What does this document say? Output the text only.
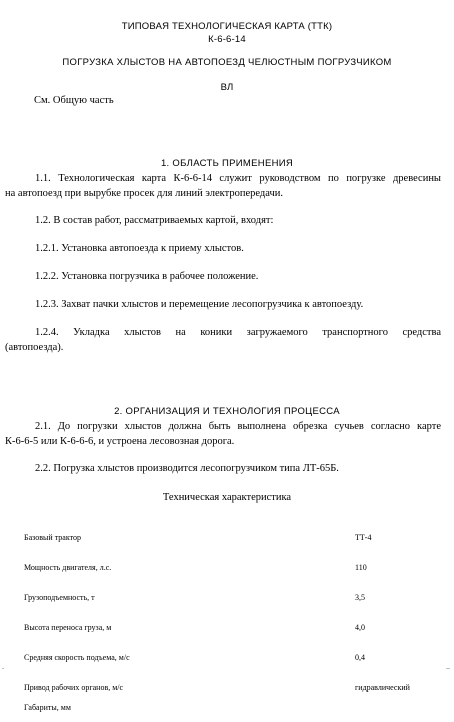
ТИПОВАЯ ТЕХНОЛОГИЧЕСКАЯ КАРТА (ТТК)
К-6-6-14
ПОГРУЗКА ХЛЫСТОВ НА АВТОПОЕЗД ЧЕЛЮСТНЫМ ПОГРУЗЧИКОМ
ВЛ
См. Общую часть
1. ОБЛАСТЬ ПРИМЕНЕНИЯ
1.1. Технологическая карта К-6-6-14 служит руководством по погрузке древесины
на автопоезд при вырубке просек для линий электропередачи.
1.2. В состав работ, рассматриваемых картой, входят:
1.2.1. Установка автопоезда к приему хлыстов.
1.2.2. Установка погрузчика в рабочее положение.
1.2.3. Захват пачки хлыстов и перемещение лесопогрузчика к автопоезду.
1.2.4. Укладка хлыстов на коники загружаемого транспортного средства
(автопоезда).
2. ОРГАНИЗАЦИЯ И ТЕХНОЛОГИЯ ПРОЦЕССА
2.1. До погрузки хлыстов должна быть выполнена обрезка сучьев согласно карте
К-6-6-5 или К-6-6-6, и устроена лесовозная дорога.
2.2. Погрузка хлыстов производится лесопогрузчиком типа ЛТ-65Б.
Техническая характеристика
Базовый трактор	ТТ-4
Мощность двигателя, л.с.	110
Грузоподъемность, т	3,5
Высота переноса груза, м	4,0
Средняя скорость подъема, м/с	0,4
.	..
Привод рабочих органов, м/с	гидравлический
Габариты, мм
